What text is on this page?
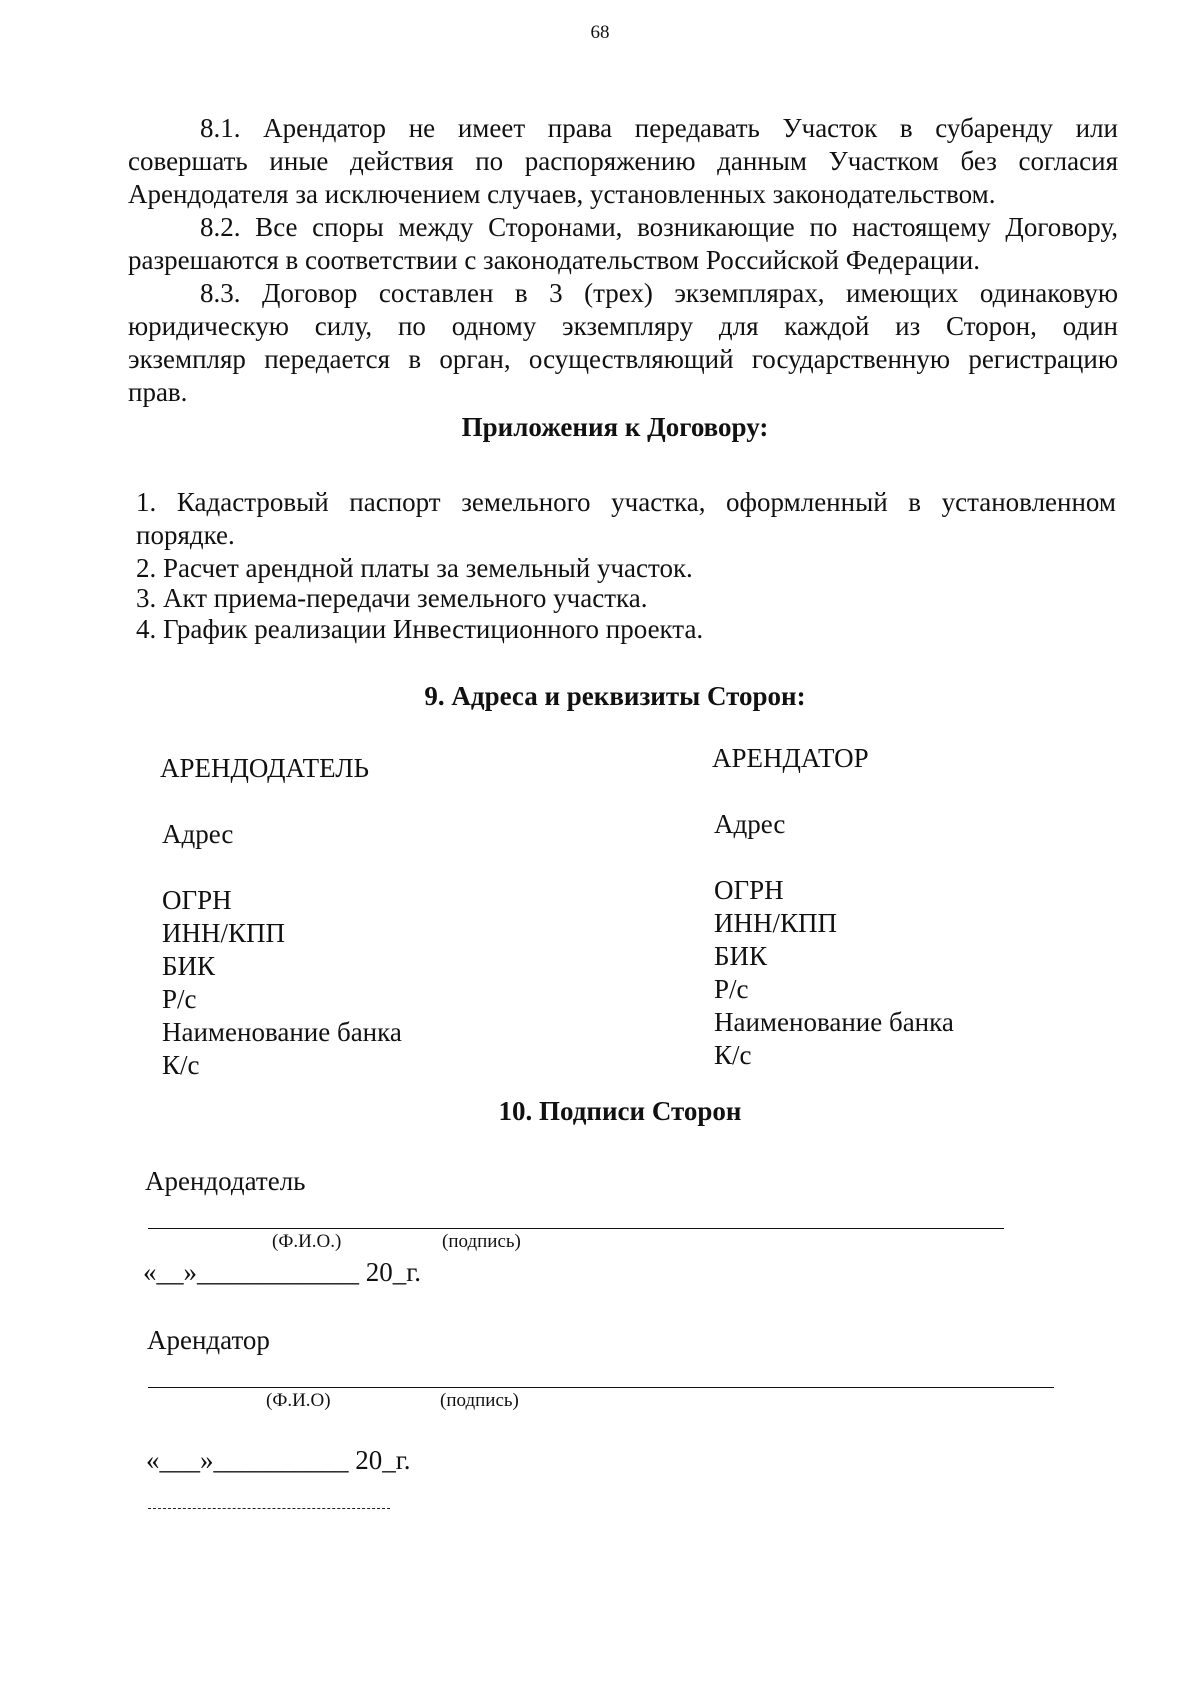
68
8.1. Арендатор не имеет права передавать Участок в субаренду или
совершать иные действия по распоряжению данным Участком без согласия
Арендодателя за исключением случаев, установленных законодательством.
8.2. Все споры между Сторонами, возникающие по настоящему Договору,
разрешаются в соответствии с законодательством Российской Федерации.
8.3. Договор составлен в 3 (трех) экземплярах, имеющих одинаковую
юридическую силу, по одному экземпляру для каждой из Сторон, один
экземпляр передается в орган, осуществляющий государственную регистрацию
прав.
Приложения к Договору:
1. Кадастровый паспорт земельного участка, оформленный в установленном
порядке.
2. Расчет арендной платы за земельный участок.
3. Акт приема-передачи земельного участка.
4. График реализации Инвестиционного проекта.
9. Адреса и реквизиты Сторон:
АРЕНДОДАТЕЛЬ
Адрес
ОГРН
ИНН/КПП
БИК
Р/с
Наименование банка
К/с
АРЕНДАТОР
Адрес
ОГРН
ИНН/КПП
БИК
Р/с
Наименование банка
К/с
10. Подписи Сторон
Арендодатель
(Ф.И.О.)	(подпись)
«__»____________ 20_г.
Арендатор
(Ф.И.О)	(подпись)
«___»__________ 20_г.
